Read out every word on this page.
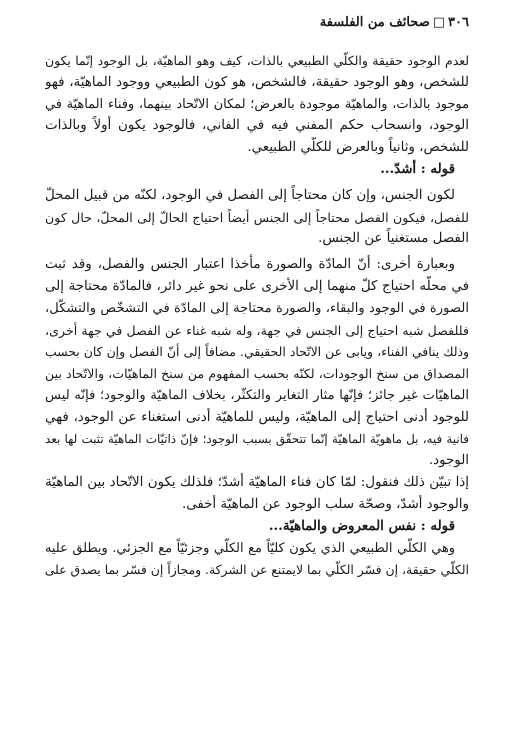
٣٠٦□صحائف من الفلسفة
لعدم الوجود حقيقة والكلّي الطبيعي بالذات، كيف وهو الماهيّة، بل الوجود إنّما يكون
للشخص، وهو الوجود حقيقة، فالشخص، هو كون الطبيعي ووجود الماهيّة، فهو
موجود بالذات، والماهيّة موجودة بالعرض؛ لمكان الاتّحاد بينهما، وفناء الماهيّة في
الوجود، وانسحاب حكم المفني فيه في الفاني، فالوجود يكون أولاً وبالذات
للشخص، وثانياً وبالعرض للكلّي الطبيعي.
قوله : أشدّ...
لكون الجنس، وإن كان محتاجاً إلى الفصل في الوجود، لكنّه من قبيل المحلّ
للفصل، فيكون الفصل محتاجاً إلى الجنس أيضاً احتياج الحالّ إلى المحلّ، حال كون
الفصل مستغنياً عن الجنس.
وبعبارة أخرى: أنّ المادّة والصورة مأخذا اعتبار الجنس والفصل، وقد ثبت
في محلّه احتياج كلّ منهما إلى الأخرى على نحو غير دائر، فالمادّة محتاجة إلى
الصورة في الوجود والبقاء، والصورة محتاجة إلى المادّة في التشخّص والتشكّل،
فللفصل شبه احتياج إلى الجنس في جهة، وله شبه غناء عن الفصل في جهة أخرى،
وذلك ينافي الفناء، ويابى عن الاتّحاد الحقيقي. مضافاً إلى أنّ الفصل وإن كان بحسب
المصداق من سنخ الوجودات، لكنّه بحسب المفهوم من سنخ الماهيّات، والاتّحاد بين
الماهيّات غير جائز؛ فإنّها مثار التغاير والتكثّر، بخلاف الماهيّة والوجود؛ فإنّه ليس
للوجود أدنى احتياج إلى الماهيّة، وليس للماهيّة أدنى استغناء عن الوجود، فهي
فانية فيه، بل ماهويّة الماهيّة إنّما تتحقّق بسبب الوجود؛ فإنّ ذاتيّات الماهيّة تثبت لها بعد
الوجود.
إذا تبيّن ذلك فنقول: لمّا كان فناء الماهيّة أشدّ؛ فلذلك يكون الاتّحاد بين الماهيّة
والوجود أشدّ، وصحّة سلب الوجود عن الماهيّة أخفى.
قوله : نفس المعروض والماهيّة...
وهي الكلّي الطبيعي الذي يكون كليّاً مع الكلّي وجزئيّاً مع الجزئي. ويطلق عليه
الكلّي حقيقة، إن فسّر الكلّي بما لايمتنع عن الشركة. ومجازاً إن فسّر بما يصدق على
